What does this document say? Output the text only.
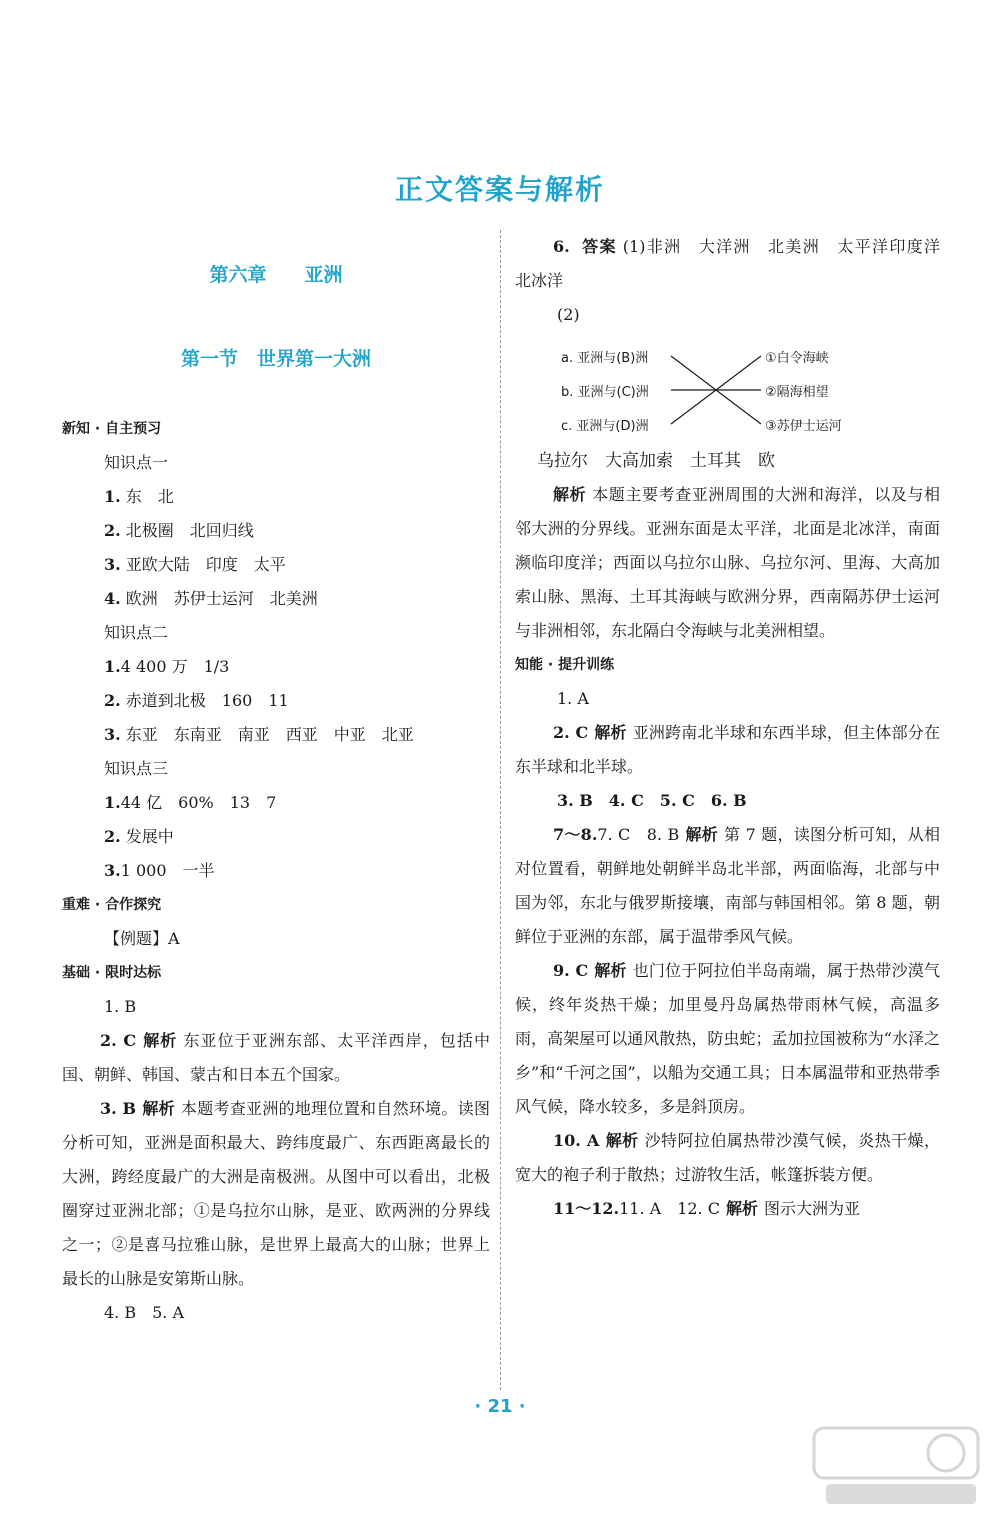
正文答案与解析
第六章　　亚洲
第一节　世界第一大洲
新知 · 自主预习
知识点一
1. 东　北
2. 北极圈　北回归线
3. 亚欧大陆　印度　太平
4. 欧洲　苏伊士运河　北美洲
知识点二
1.4 400 万　1/3
2. 赤道到北极　160　11
3. 东亚　东南亚　南亚　西亚　中亚　北亚
知识点三
1.44 亿　60%　13　7
2. 发展中
3.1 000　一半
重难 · 合作探究
【例题】A
基础 · 限时达标
1. B
2. C 解析 东亚位于亚洲东部、太平洋西岸，包括中国、朝鲜、韩国、蒙古和日本五个国家。
3. B 解析 本题考查亚洲的地理位置和自然环境。读图分析可知，亚洲是面积最大、跨纬度最广、东西距离最长的大洲，跨经度最广的大洲是南极洲。从图中可以看出，北极圈穿过亚洲北部；①是乌拉尔山脉，是亚、欧两洲的分界线之一；②是喜马拉雅山脉，是世界上最高大的山脉；世界上最长的山脉是安第斯山脉。
4. B　5. A
6. 答案 (1)非洲　大洋洲　北美洲　太平洋印度洋　北冰洋
(2)
a. 亚洲与(B)洲
b. 亚洲与(C)洲
c. 亚洲与(D)洲
①白令海峡
②隔海相望
③苏伊士运河
乌拉尔　大高加索　土耳其　欧
解析 本题主要考查亚洲周围的大洲和海洋，以及与相邻大洲的分界线。亚洲东面是太平洋，北面是北冰洋，南面濒临印度洋；西面以乌拉尔山脉、乌拉尔河、里海、大高加索山脉、黑海、土耳其海峡与欧洲分界，西南隔苏伊士运河与非洲相邻，东北隔白令海峡与北美洲相望。
知能 · 提升训练
1. A
2. C 解析 亚洲跨南北半球和东西半球，但主体部分在东半球和北半球。
3. B　4. C　5. C　6. B
7～8.7. C　8. B 解析 第 7 题，读图分析可知，从相对位置看，朝鲜地处朝鲜半岛北半部，两面临海，北部与中国为邻，东北与俄罗斯接壤，南部与韩国相邻。第 8 题，朝鲜位于亚洲的东部，属于温带季风气候。
9. C 解析 也门位于阿拉伯半岛南端，属于热带沙漠气候，终年炎热干燥；加里曼丹岛属热带雨林气候，高温多雨，高架屋可以通风散热，防虫蛇；孟加拉国被称为“水泽之乡”和“千河之国”，以船为交通工具；日本属温带和亚热带季风气候，降水较多，多是斜顶房。
10. A 解析 沙特阿拉伯属热带沙漠气候，炎热干燥，宽大的袍子利于散热；过游牧生活，帐篷拆装方便。
11～12.11. A　12. C 解析 图示大洲为亚
· 21 ·
